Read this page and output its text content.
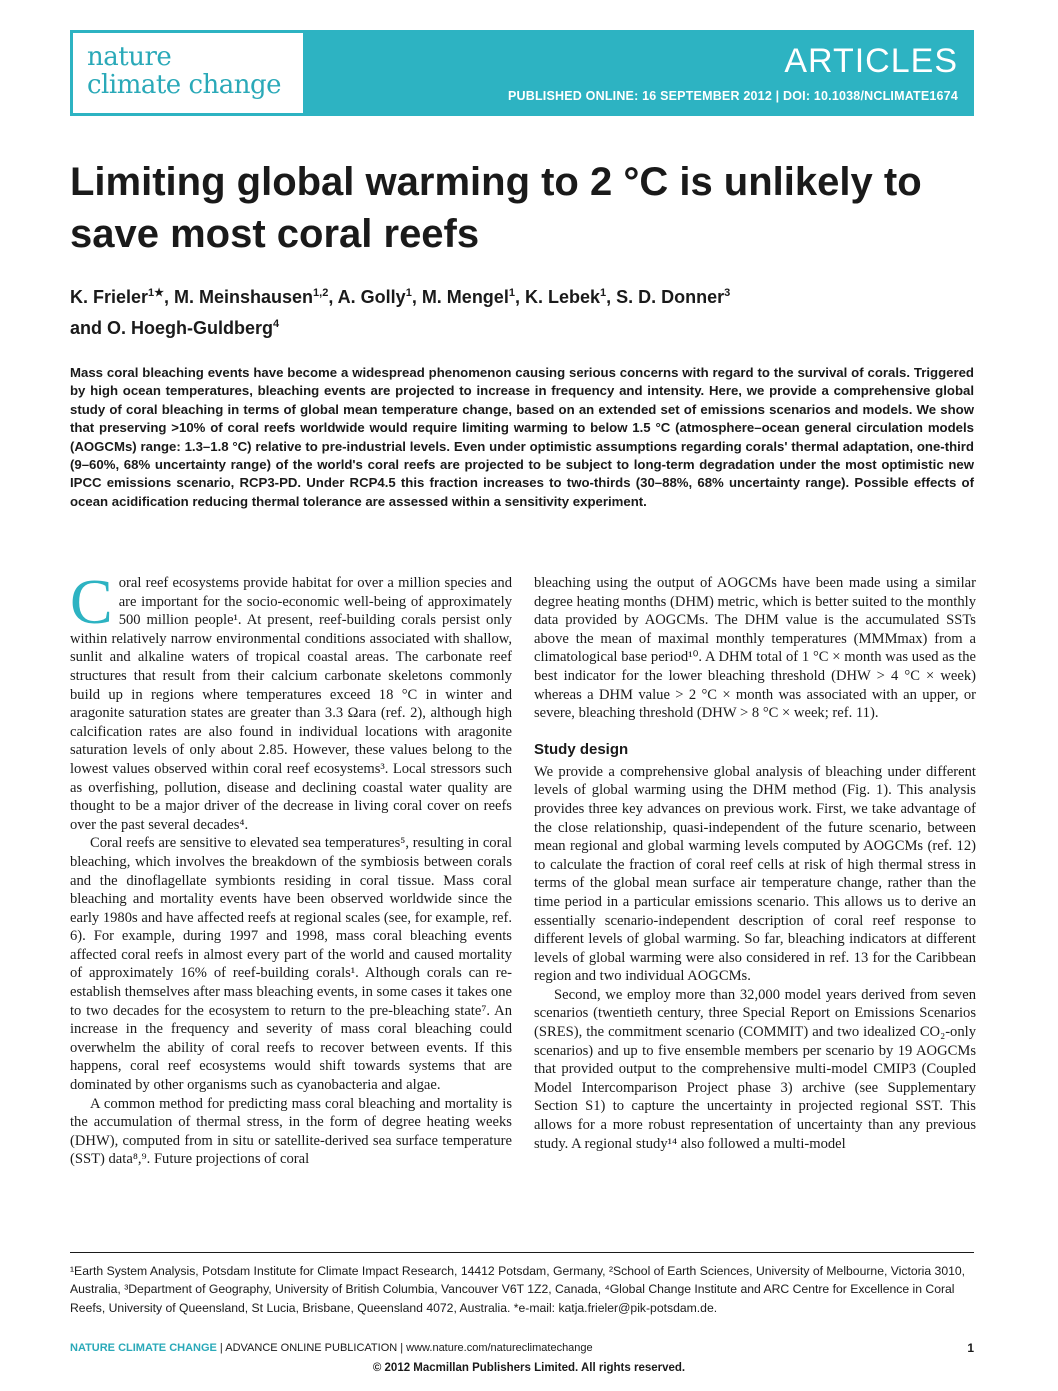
nature
climate change
ARTICLES
PUBLISHED ONLINE: 16 SEPTEMBER 2012 | DOI: 10.1038/NCLIMATE1674
Limiting global warming to 2 °C is unlikely to save most coral reefs
K. Frieler$^{1★}$, M. Meinshausen$^{1,2}$, A. Golly$^1$, M. Mengel$^1$, K. Lebek$^1$, S. D. Donner$^3$
and O. Hoegh-Guldberg$^4$

Mass coral bleaching events have become a widespread phenomenon causing serious concerns with regard to the survival of corals. Triggered by high ocean temperatures, bleaching events are projected to increase in frequency and intensity. Here, we provide a comprehensive global study of coral bleaching in terms of global mean temperature change, based on an extended set of emissions scenarios and models. We show that preserving >10% of coral reefs worldwide would require limiting warming to below 1.5 °C (atmosphere–ocean general circulation models (AOGCMs) range: 1.3–1.8 °C) relative to pre-industrial levels. Even under optimistic assumptions regarding corals' thermal adaptation, one-third (9–60%, 68% uncertainty range) of the world's coral reefs are projected to be subject to long-term degradation under the most optimistic new IPCC emissions scenario, RCP3-PD. Under RCP4.5 this fraction increases to two-thirds (30–88%, 68% uncertainty range). Possible effects of ocean acidification reducing thermal tolerance are assessed within a sensitivity experiment.

Coral reef ecosystems provide habitat for over a million species and are important for the socio-economic well-being of approximately 500 million people¹. At present, reef-building corals persist only within relatively narrow environmental conditions associated with shallow, sunlit and alkaline waters of tropical coastal areas. The carbonate reef structures that result from their calcium carbonate skeletons commonly build up in regions where temperatures exceed 18 °C in winter and aragonite saturation states are greater than 3.3 Ωara (ref. 2), although high calcification rates are also found in individual locations with aragonite saturation levels of only about 2.85. However, these values belong to the lowest values observed within coral reef ecosystems³. Local stressors such as overfishing, pollution, disease and declining coastal water quality are thought to be a major driver of the decrease in living coral cover on reefs over the past several decades⁴.

Coral reefs are sensitive to elevated sea temperatures⁵, resulting in coral bleaching, which involves the breakdown of the symbiosis between corals and the dinoflagellate symbionts residing in coral tissue. Mass coral bleaching and mortality events have been observed worldwide since the early 1980s and have affected reefs at regional scales (see, for example, ref. 6). For example, during 1997 and 1998, mass coral bleaching events affected coral reefs in almost every part of the world and caused mortality of approximately 16% of reef-building corals¹. Although corals can re-establish themselves after mass bleaching events, in some cases it takes one to two decades for the ecosystem to return to the pre-bleaching state⁷. An increase in the frequency and severity of mass coral bleaching could overwhelm the ability of coral reefs to recover between events. If this happens, coral reef ecosystems would shift towards systems that are dominated by other organisms such as cyanobacteria and algae.

A common method for predicting mass coral bleaching and mortality is the accumulation of thermal stress, in the form of degree heating weeks (DHW), computed from in situ or satellite-derived sea surface temperature (SST) data⁸,⁹. Future projections of coral

bleaching using the output of AOGCMs have been made using a similar degree heating months (DHM) metric, which is better suited to the monthly data provided by AOGCMs. The DHM value is the accumulated SSTs above the mean of maximal monthly temperatures (MMMmax) from a climatological base period¹⁰. A DHM total of 1 °C × month was used as the best indicator for the lower bleaching threshold (DHW > 4 °C × week) whereas a DHM value > 2 °C × month was associated with an upper, or severe, bleaching threshold (DHW > 8 °C × week; ref. 11).

Study design

We provide a comprehensive global analysis of bleaching under different levels of global warming using the DHM method (Fig. 1). This analysis provides three key advances on previous work. First, we take advantage of the close relationship, quasi-independent of the future scenario, between mean regional and global warming levels computed by AOGCMs (ref. 12) to calculate the fraction of coral reef cells at risk of high thermal stress in terms of the global mean surface air temperature change, rather than the time period in a particular emissions scenario. This allows us to derive an essentially scenario-independent description of coral reef response to different levels of global warming. So far, bleaching indicators at different levels of global warming were also considered in ref. 13 for the Caribbean region and two individual AOGCMs.

Second, we employ more than 32,000 model years derived from seven scenarios (twentieth century, three Special Report on Emissions Scenarios (SRES), the commitment scenario (COMMIT) and two idealized CO₂-only scenarios) and up to five ensemble members per scenario by 19 AOGCMs that provided output to the comprehensive multi-model CMIP3 (Coupled Model Intercomparison Project phase 3) archive (see Supplementary Section S1) to capture the uncertainty in projected regional SST. This allows for a more robust representation of uncertainty than any previous study. A regional study¹⁴ also followed a multi-model

¹Earth System Analysis, Potsdam Institute for Climate Impact Research, 14412 Potsdam, Germany, ²School of Earth Sciences, University of Melbourne, Victoria 3010, Australia, ³Department of Geography, University of British Columbia, Vancouver V6T 1Z2, Canada, ⁴Global Change Institute and ARC Centre for Excellence in Coral Reefs, University of Queensland, St Lucia, Brisbane, Queensland 4072, Australia. *e-mail: katja.frieler@pik-potsdam.de.

NATURE CLIMATE CHANGE | ADVANCE ONLINE PUBLICATION | www.nature.com/natureclimatechange	1
© 2012 Macmillan Publishers Limited. All rights reserved.
